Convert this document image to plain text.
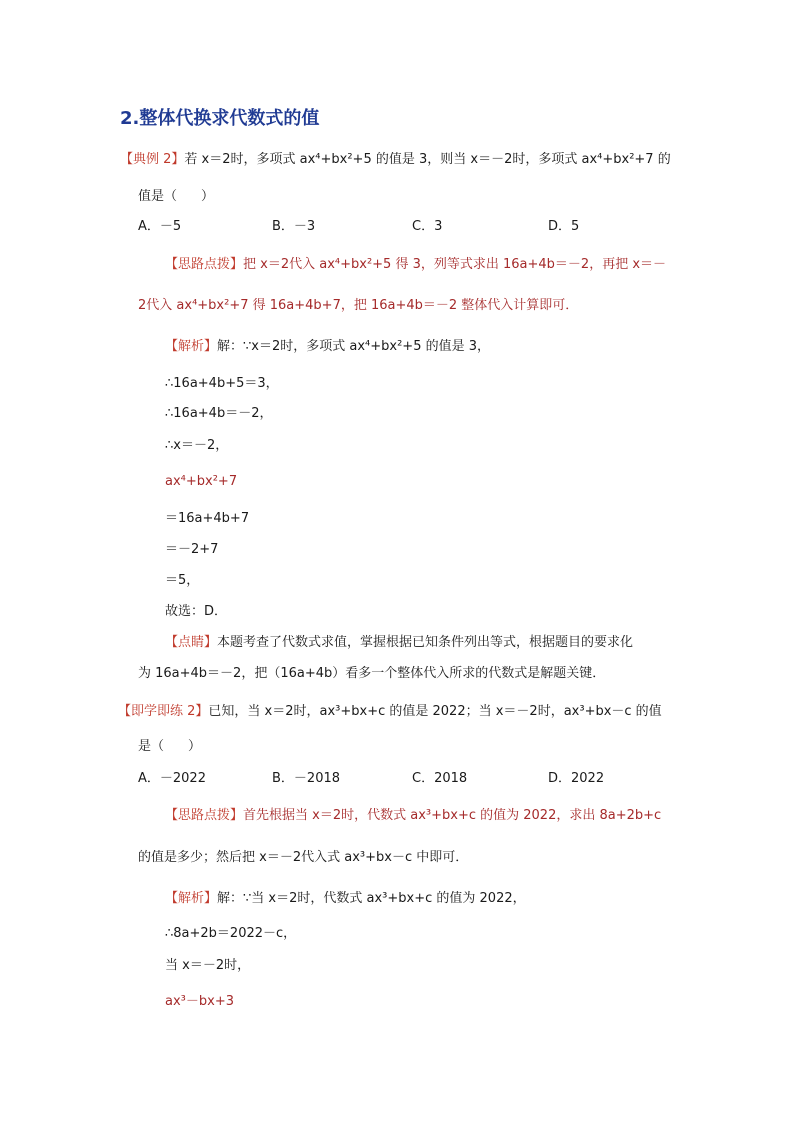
2.整体代换求代数式的值
【典例 2】若 x＝2时，多项式 ax⁴+bx²+5 的值是 3，则当 x＝－2时，多项式 ax⁴+bx²+7 的
值是（ ）
A．－5	B．－3	C．3	D．5
【思路点拨】把 x＝2代入 ax⁴+bx²+5 得 3，列等式求出 16a+4b＝－2，再把 x＝－
2代入 ax⁴+bx²+7 得 16a+4b+7，把 16a+4b＝－2 整体代入计算即可．
【解析】解：∵x＝2时，多项式 ax⁴+bx²+5 的值是 3，
∴16a+4b+5＝3，
∴16a+4b＝－2，
∴x＝－2，
ax⁴+bx²+7
＝16a+4b+7
＝－2+7
＝5，
故选：D．
【点睛】本题考查了代数式求值，掌握根据已知条件列出等式，根据题目的要求化
为 16a+4b＝－2，把（16a+4b）看多一个整体代入所求的代数式是解题关键．
【即学即练 2】已知，当 x＝2时，ax³+bx+c 的值是 2022；当 x＝－2时，ax³+bx－c 的值
是（ ）
A．－2022	B．－2018	C．2018	D．2022
【思路点拨】首先根据当 x＝2时，代数式 ax³+bx+c 的值为 2022，求出 8a+2b+c
的值是多少；然后把 x＝－2代入式 ax³+bx－c 中即可．
【解析】解：∵当 x＝2时，代数式 ax³+bx+c 的值为 2022，
∴8a+2b＝2022－c，
当 x＝－2时，
ax³－bx+3
